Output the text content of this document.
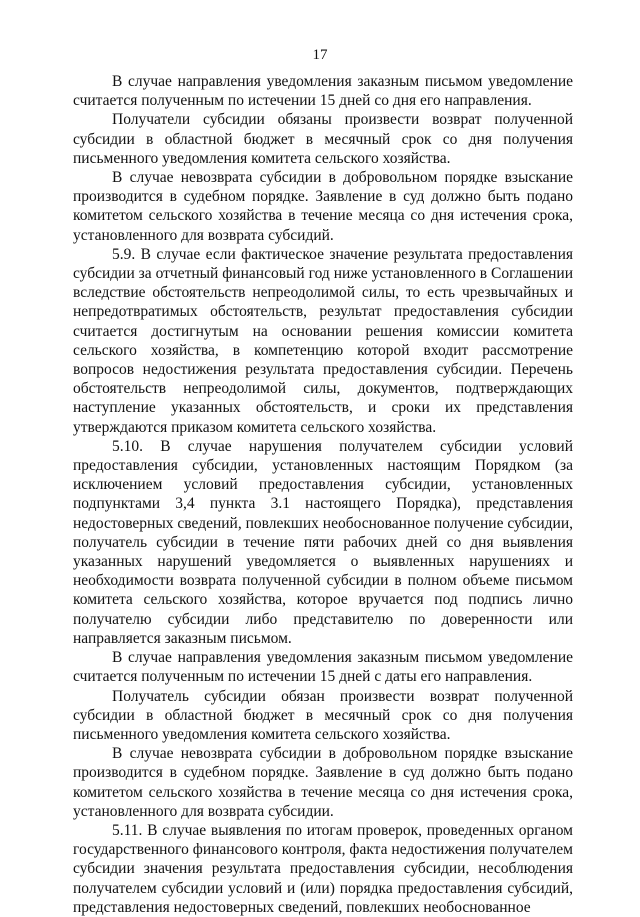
17

В случае направления уведомления заказным письмом уведомление считается полученным по истечении 15 дней со дня его направления.

Получатели субсидии обязаны произвести возврат полученной субсидии в областной бюджет в месячный срок со дня получения письменного уведомления комитета сельского хозяйства.

В случае невозврата субсидии в добровольном порядке взыскание производится в судебном порядке. Заявление в суд должно быть подано комитетом сельского хозяйства в течение месяца со дня истечения срока, установленного для возврата субсидий.

5.9. В случае если фактическое значение результата предоставления субсидии за отчетный финансовый год ниже установленного в Соглашении вследствие обстоятельств непреодолимой силы, то есть чрезвычайных и непредотвратимых обстоятельств, результат предоставления субсидии считается достигнутым на основании решения комиссии комитета сельского хозяйства, в компетенцию которой входит рассмотрение вопросов недостижения результата предоставления субсидии. Перечень обстоятельств непреодолимой силы, документов, подтверждающих наступление указанных обстоятельств, и сроки их представления утверждаются приказом комитета сельского хозяйства.

5.10. В случае нарушения получателем субсидии условий предоставления субсидии, установленных настоящим Порядком (за исключением условий предоставления субсидии, установленных подпунктами 3,4 пункта 3.1 настоящего Порядка), представления недостоверных сведений, повлекших необоснованное получение субсидии, получатель субсидии в течение пяти рабочих дней со дня выявления указанных нарушений уведомляется о выявленных нарушениях и необходимости возврата полученной субсидии в полном объеме письмом комитета сельского хозяйства, которое вручается под подпись лично получателю субсидии либо представителю по доверенности или направляется заказным письмом.

В случае направления уведомления заказным письмом уведомление считается полученным по истечении 15 дней с даты его направления.

Получатель субсидии обязан произвести возврат полученной субсидии в областной бюджет в месячный срок со дня получения письменного уведомления комитета сельского хозяйства.

В случае невозврата субсидии в добровольном порядке взыскание производится в судебном порядке. Заявление в суд должно быть подано комитетом сельского хозяйства в течение месяца со дня истечения срока, установленного для возврата субсидии.

5.11. В случае выявления по итогам проверок, проведенных органом государственного финансового контроля, факта недостижения получателем субсидии значения результата предоставления субсидии, несоблюдения получателем субсидии условий и (или) порядка предоставления субсидий, представления недостоверных сведений, повлекших необоснованное
